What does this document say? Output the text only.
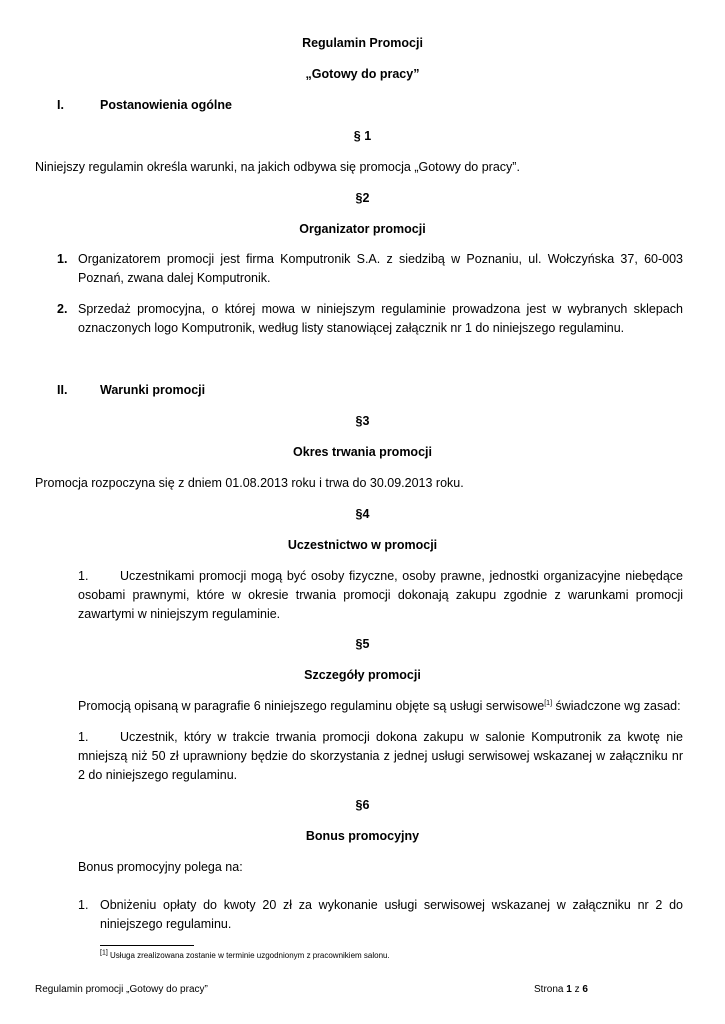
Regulamin Promocji
„Gotowy do pracy”
I.	Postanowienia ogólne
§ 1
Niniejszy regulamin określa warunki, na jakich odbywa się promocja „Gotowy do pracy”.
§2
Organizator promocji
1. Organizatorem promocji jest firma Komputronik S.A. z siedzibą w Poznaniu, ul. Wołczyńska 37, 60-003 Poznań, zwana dalej Komputronik.
2. Sprzedaż promocyjna, o której mowa w niniejszym regulaminie prowadzona jest w wybranych sklepach oznaczonych logo Komputronik, według listy stanowiącej załącznik nr 1 do niniejszego regulaminu.
II.	Warunki promocji
§3
Okres trwania promocji
Promocja rozpoczyna się z dniem 01.08.2013 roku i trwa do 30.09.2013 roku.
§4
Uczestnictwo w promocji
1.	Uczestnikami promocji mogą być osoby fizyczne, osoby prawne, jednostki organizacyjne niebędące osobami prawnymi, które w okresie trwania promocji dokonają zakupu zgodnie z warunkami promocji zawartymi w niniejszym regulaminie.
§5
Szczegóły promocji
Promocją opisaną w paragrafie 6 niniejszego regulaminu objęte są usługi serwisowe[1] świadczone wg zasad:
1.	Uczestnik, który w trakcie trwania promocji dokona zakupu w salonie Komputronik za kwotę nie mniejszą niż 50 zł uprawniony będzie do skorzystania z jednej usługi serwisowej wskazanej w załączniku nr 2 do niniejszego regulaminu.
§6
Bonus promocyjny
Bonus promocyjny polega na:
1. Obniżeniu opłaty do kwoty 20 zł za wykonanie usługi serwisowej wskazanej w załączniku nr 2 do niniejszego regulaminu.
[1] Usługa zrealizowana zostanie w terminie uzgodnionym z pracownikiem salonu.
Regulamin promocji „Gotowy do pracy”	Strona 1 z 6
